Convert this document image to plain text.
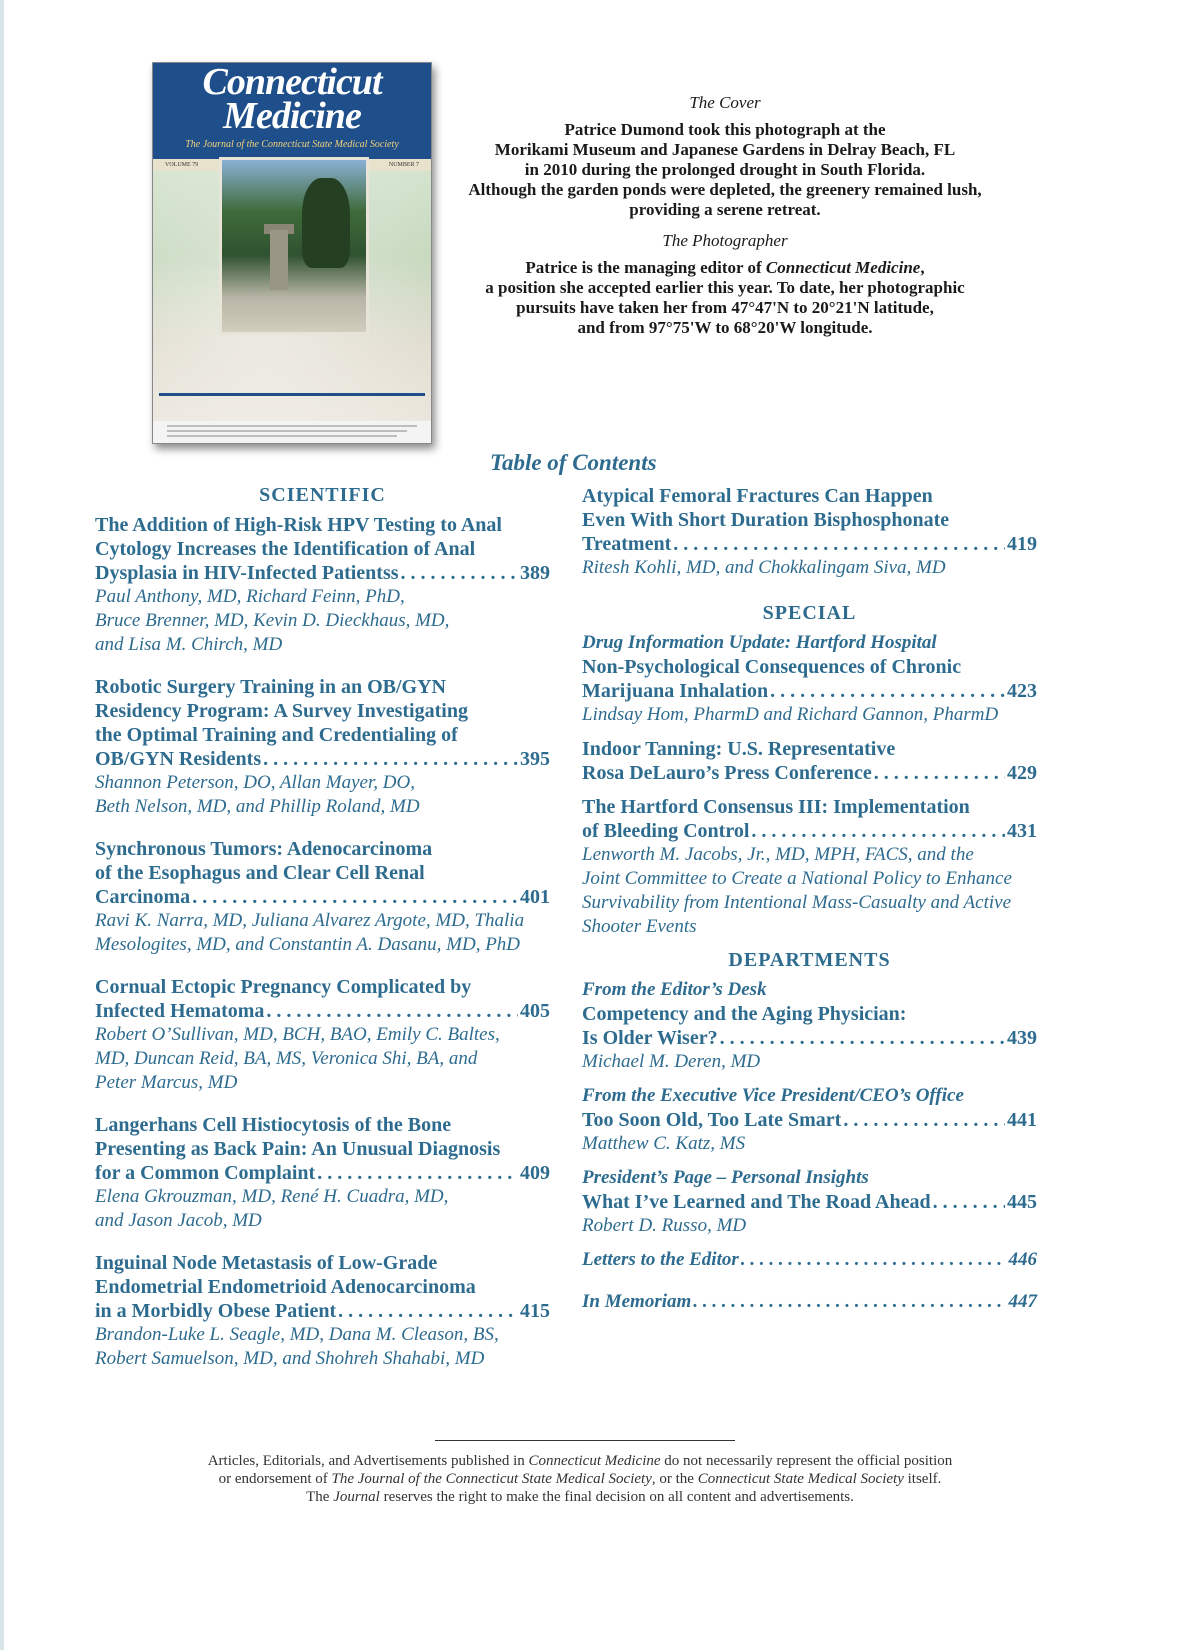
Connecticut
Medicine
The Journal of the Connecticut State Medical Society
VOLUME 79	NUMBER 7

The Cover

Patrice Dumond took this photograph at the
Morikami Museum and Japanese Gardens in Delray Beach, FL
in 2010 during the prolonged drought in South Florida.
Although the garden ponds were depleted, the greenery remained lush,
providing a serene retreat.

The Photographer

Patrice is the managing editor of Connecticut Medicine,
a position she accepted earlier this year. To date, her photographic
pursuits have taken her from 47°47'N to 20°21'N latitude,
and from 97°75'W to 68°20'W longitude.
Table of Contents
SCIENTIFIC
The Addition of High-Risk HPV Testing to Anal
Cytology Increases the Identification of Anal
Dysplasia in HIV-Infected Patientss . . .	389
Paul Anthony, MD, Richard Feinn, PhD,
Bruce Brenner, MD, Kevin D. Dieckhaus, MD,
and Lisa M. Chirch, MD
Robotic Surgery Training in an OB/GYN
Residency Program: A Survey Investigating
the Optimal Training and Credentialing of
OB/GYN Residents . . .	395
Shannon Peterson, DO, Allan Mayer, DO,
Beth Nelson, MD, and Phillip Roland, MD
Synchronous Tumors: Adenocarcinoma
of the Esophagus and Clear Cell Renal
Carcinoma . . .	401
Ravi K. Narra, MD, Juliana Alvarez Argote, MD, Thalia
Mesologites, MD, and Constantin A. Dasanu, MD, PhD
Cornual Ectopic Pregnancy Complicated by
Infected Hematoma . . .	405
Robert O’Sullivan, MD, BCH, BAO, Emily C. Baltes,
MD, Duncan Reid, BA, MS, Veronica Shi, BA, and
Peter Marcus, MD
Langerhans Cell Histiocytosis of the Bone
Presenting as Back Pain: An Unusual Diagnosis
for a Common Complaint . . .	409
Elena Gkrouzman, MD, René H. Cuadra, MD,
and Jason Jacob, MD
Inguinal Node Metastasis of Low-Grade
Endometrial Endometrioid Adenocarcinoma
in a Morbidly Obese Patient . . .	415
Brandon-Luke L. Seagle, MD, Dana M. Cleason, BS,
Robert Samuelson, MD, and Shohreh Shahabi, MD
Atypical Femoral Fractures Can Happen
Even With Short Duration Bisphosphonate
Treatment . . .	419
Ritesh Kohli, MD, and Chokkalingam Siva, MD
SPECIAL
Drug Information Update: Hartford Hospital
Non-Psychological Consequences of Chronic
Marijuana Inhalation . . .	423
Lindsay Hom, PharmD and Richard Gannon, PharmD
Indoor Tanning: U.S. Representative
Rosa DeLauro’s Press Conference . . .	429
The Hartford Consensus III: Implementation
of Bleeding Control . . .	431
Lenworth M. Jacobs, Jr., MD, MPH, FACS, and the
Joint Committee to Create a National Policy to Enhance
Survivability from Intentional Mass-Casualty and Active
Shooter Events
DEPARTMENTS
From the Editor’s Desk
Competency and the Aging Physician:
Is Older Wiser? . . .	439
Michael M. Deren, MD
From the Executive Vice President/CEO’s Office
Too Soon Old, Too Late Smart . . .	441
Matthew C. Katz, MS
President’s Page – Personal Insights
What I’ve Learned and The Road Ahead . . .	445
Robert D. Russo, MD
Letters to the Editor . . .	446
In Memoriam . . .	447
Articles, Editorials, and Advertisements published in Connecticut Medicine do not necessarily represent the official position
or endorsement of The Journal of the Connecticut State Medical Society, or the Connecticut State Medical Society itself.
The Journal reserves the right to make the final decision on all content and advertisements.
